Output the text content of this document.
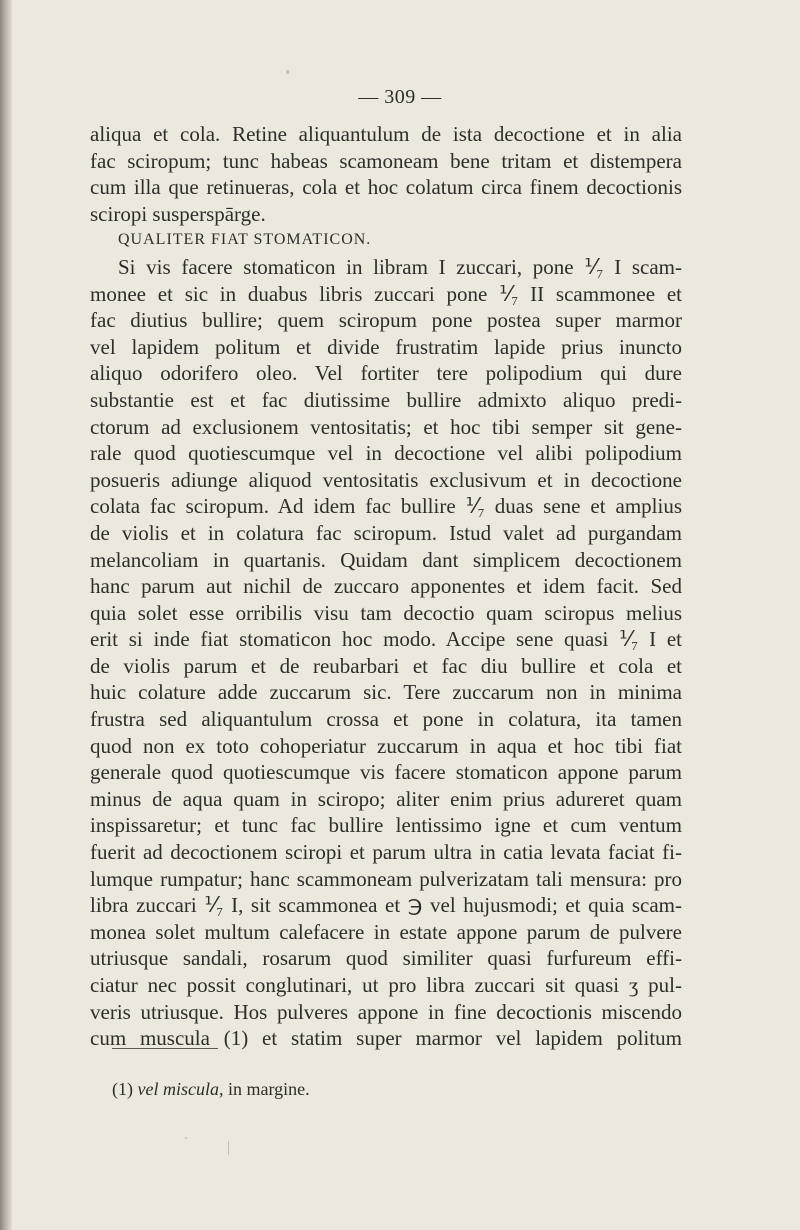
— 309 —
aliqua et cola. Retine aliquantulum de ista decoctione et in alia
fac sciropum; tunc habeas scamoneam bene tritam et distempera
cum illa que retinueras, cola et hoc colatum circa finem decoctionis
sciropi susperspārge.
QUALITER FIAT STOMATICON.
Si vis facere stomaticon in libram I zuccari, pone ⅟₇ I scam-
monee et sic in duabus libris zuccari pone ⅟₇ II scammonee et
fac diutius bullire; quem sciropum pone postea super marmor
vel lapidem politum et divide frustratim lapide prius inuncto
aliquo odorifero oleo. Vel fortiter tere polipodium qui dure
substantie est et fac diutissime bullire admixto aliquo predi-
ctorum ad exclusionem ventositatis; et hoc tibi semper sit gene-
rale quod quotiescumque vel in decoctione vel alibi polipodium
posueris adiunge aliquod ventositatis exclusivum et in decoctione
colata fac sciropum. Ad idem fac bullire ⅟₇ duas sene et amplius
de violis et in colatura fac sciropum. Istud valet ad purgandam
melancoliam in quartanis. Quidam dant simplicem decoctionem
hanc parum aut nichil de zuccaro apponentes et idem facit. Sed
quia solet esse orribilis visu tam decoctio quam sciropus melius
erit si inde fiat stomaticon hoc modo. Accipe sene quasi ⅟₇ I et
de violis parum et de reubarbari et fac diu bullire et cola et
huic colature adde zuccarum sic. Tere zuccarum non in minima
frustra sed aliquantulum crossa et pone in colatura, ita tamen
quod non ex toto cohoperiatur zuccarum in aqua et hoc tibi fiat
generale quod quotiescumque vis facere stomaticon appone parum
minus de aqua quam in sciropo; aliter enim prius adureret quam
inspissaretur; et tunc fac bullire lentissimo igne et cum ventum
fuerit ad decoctionem sciropi et parum ultra in catia levata faciat fi-
lumque rumpatur; hanc scammoneam pulverizatam tali mensura: pro
libra zuccari ⅟₇ I, sit scammonea et ℈ vel hujusmodi; et quia scam-
monea solet multum calefacere in estate appone parum de pulvere
utriusque sandali, rosarum quod similiter quasi furfureum effi-
ciatur nec possit conglutinari, ut pro libra zuccari sit quasi ʒ pul-
veris utriusque. Hos pulveres appone in fine decoctionis miscendo
cum muscula (1) et statim super marmor vel lapidem politum
(1) vel miscula, in margine.
